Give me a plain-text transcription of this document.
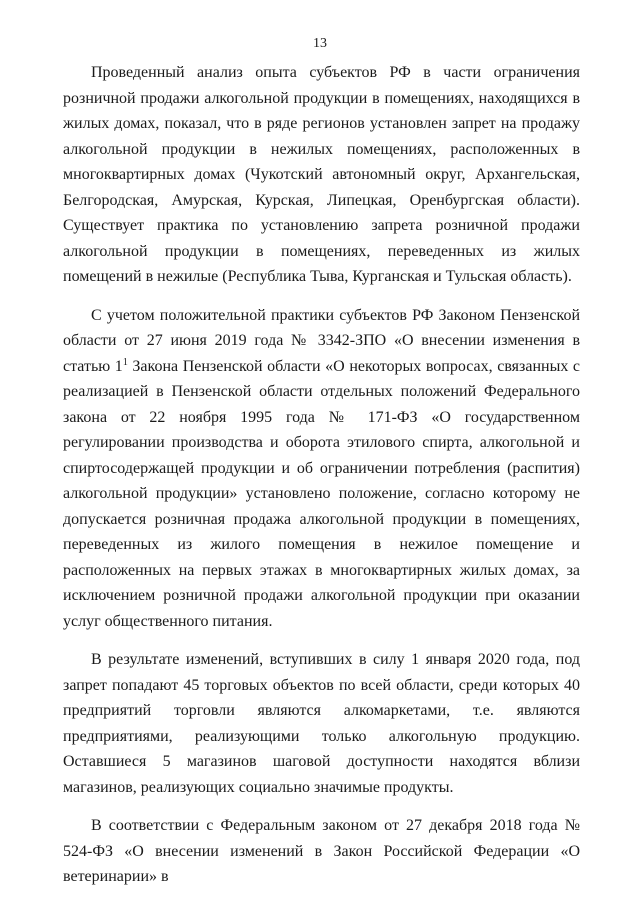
13

Проведенный анализ опыта субъектов РФ в части ограничения розничной продажи алкогольной продукции в помещениях, находящихся в жилых домах, показал, что в ряде регионов установлен запрет на продажу алкогольной продукции в нежилых помещениях, расположенных в многоквартирных домах (Чукотский автономный округ, Архангельская, Белгородская, Амурская, Курская, Липецкая, Оренбургская области). Существует практика по установлению запрета розничной продажи алкогольной продукции в помещениях, переведенных из жилых помещений в нежилые (Республика Тыва, Курганская и Тульская область).

С учетом положительной практики субъектов РФ Законом Пензенской области от 27 июня 2019 года № 3342-ЗПО «О внесении изменения в статью $1^1$ Закона Пензенской области «О некоторых вопросах, связанных с реализацией в Пензенской области отдельных положений Федерального закона от 22 ноября 1995 года № 171-ФЗ «О государственном регулировании производства и оборота этилового спирта, алкогольной и спиртосодержащей продукции и об ограничении потребления (распития) алкогольной продукции» установлено положение, согласно которому не допускается розничная продажа алкогольной продукции в помещениях, переведенных из жилого помещения в нежилое помещение и расположенных на первых этажах в многоквартирных жилых домах, за исключением розничной продажи алкогольной продукции при оказании услуг общественного питания.

В результате изменений, вступивших в силу 1 января 2020 года, под запрет попадают 45 торговых объектов по всей области, среди которых 40 предприятий торговли являются алкомаркетами, т.е. являются предприятиями, реализующими только алкогольную продукцию. Оставшиеся 5 магазинов шаговой доступности находятся вблизи магазинов, реализующих социально значимые продукты.

В соответствии с Федеральным законом от 27 декабря 2018 года № 524-ФЗ «О внесении изменений в Закон Российской Федерации «О ветеринарии» в
